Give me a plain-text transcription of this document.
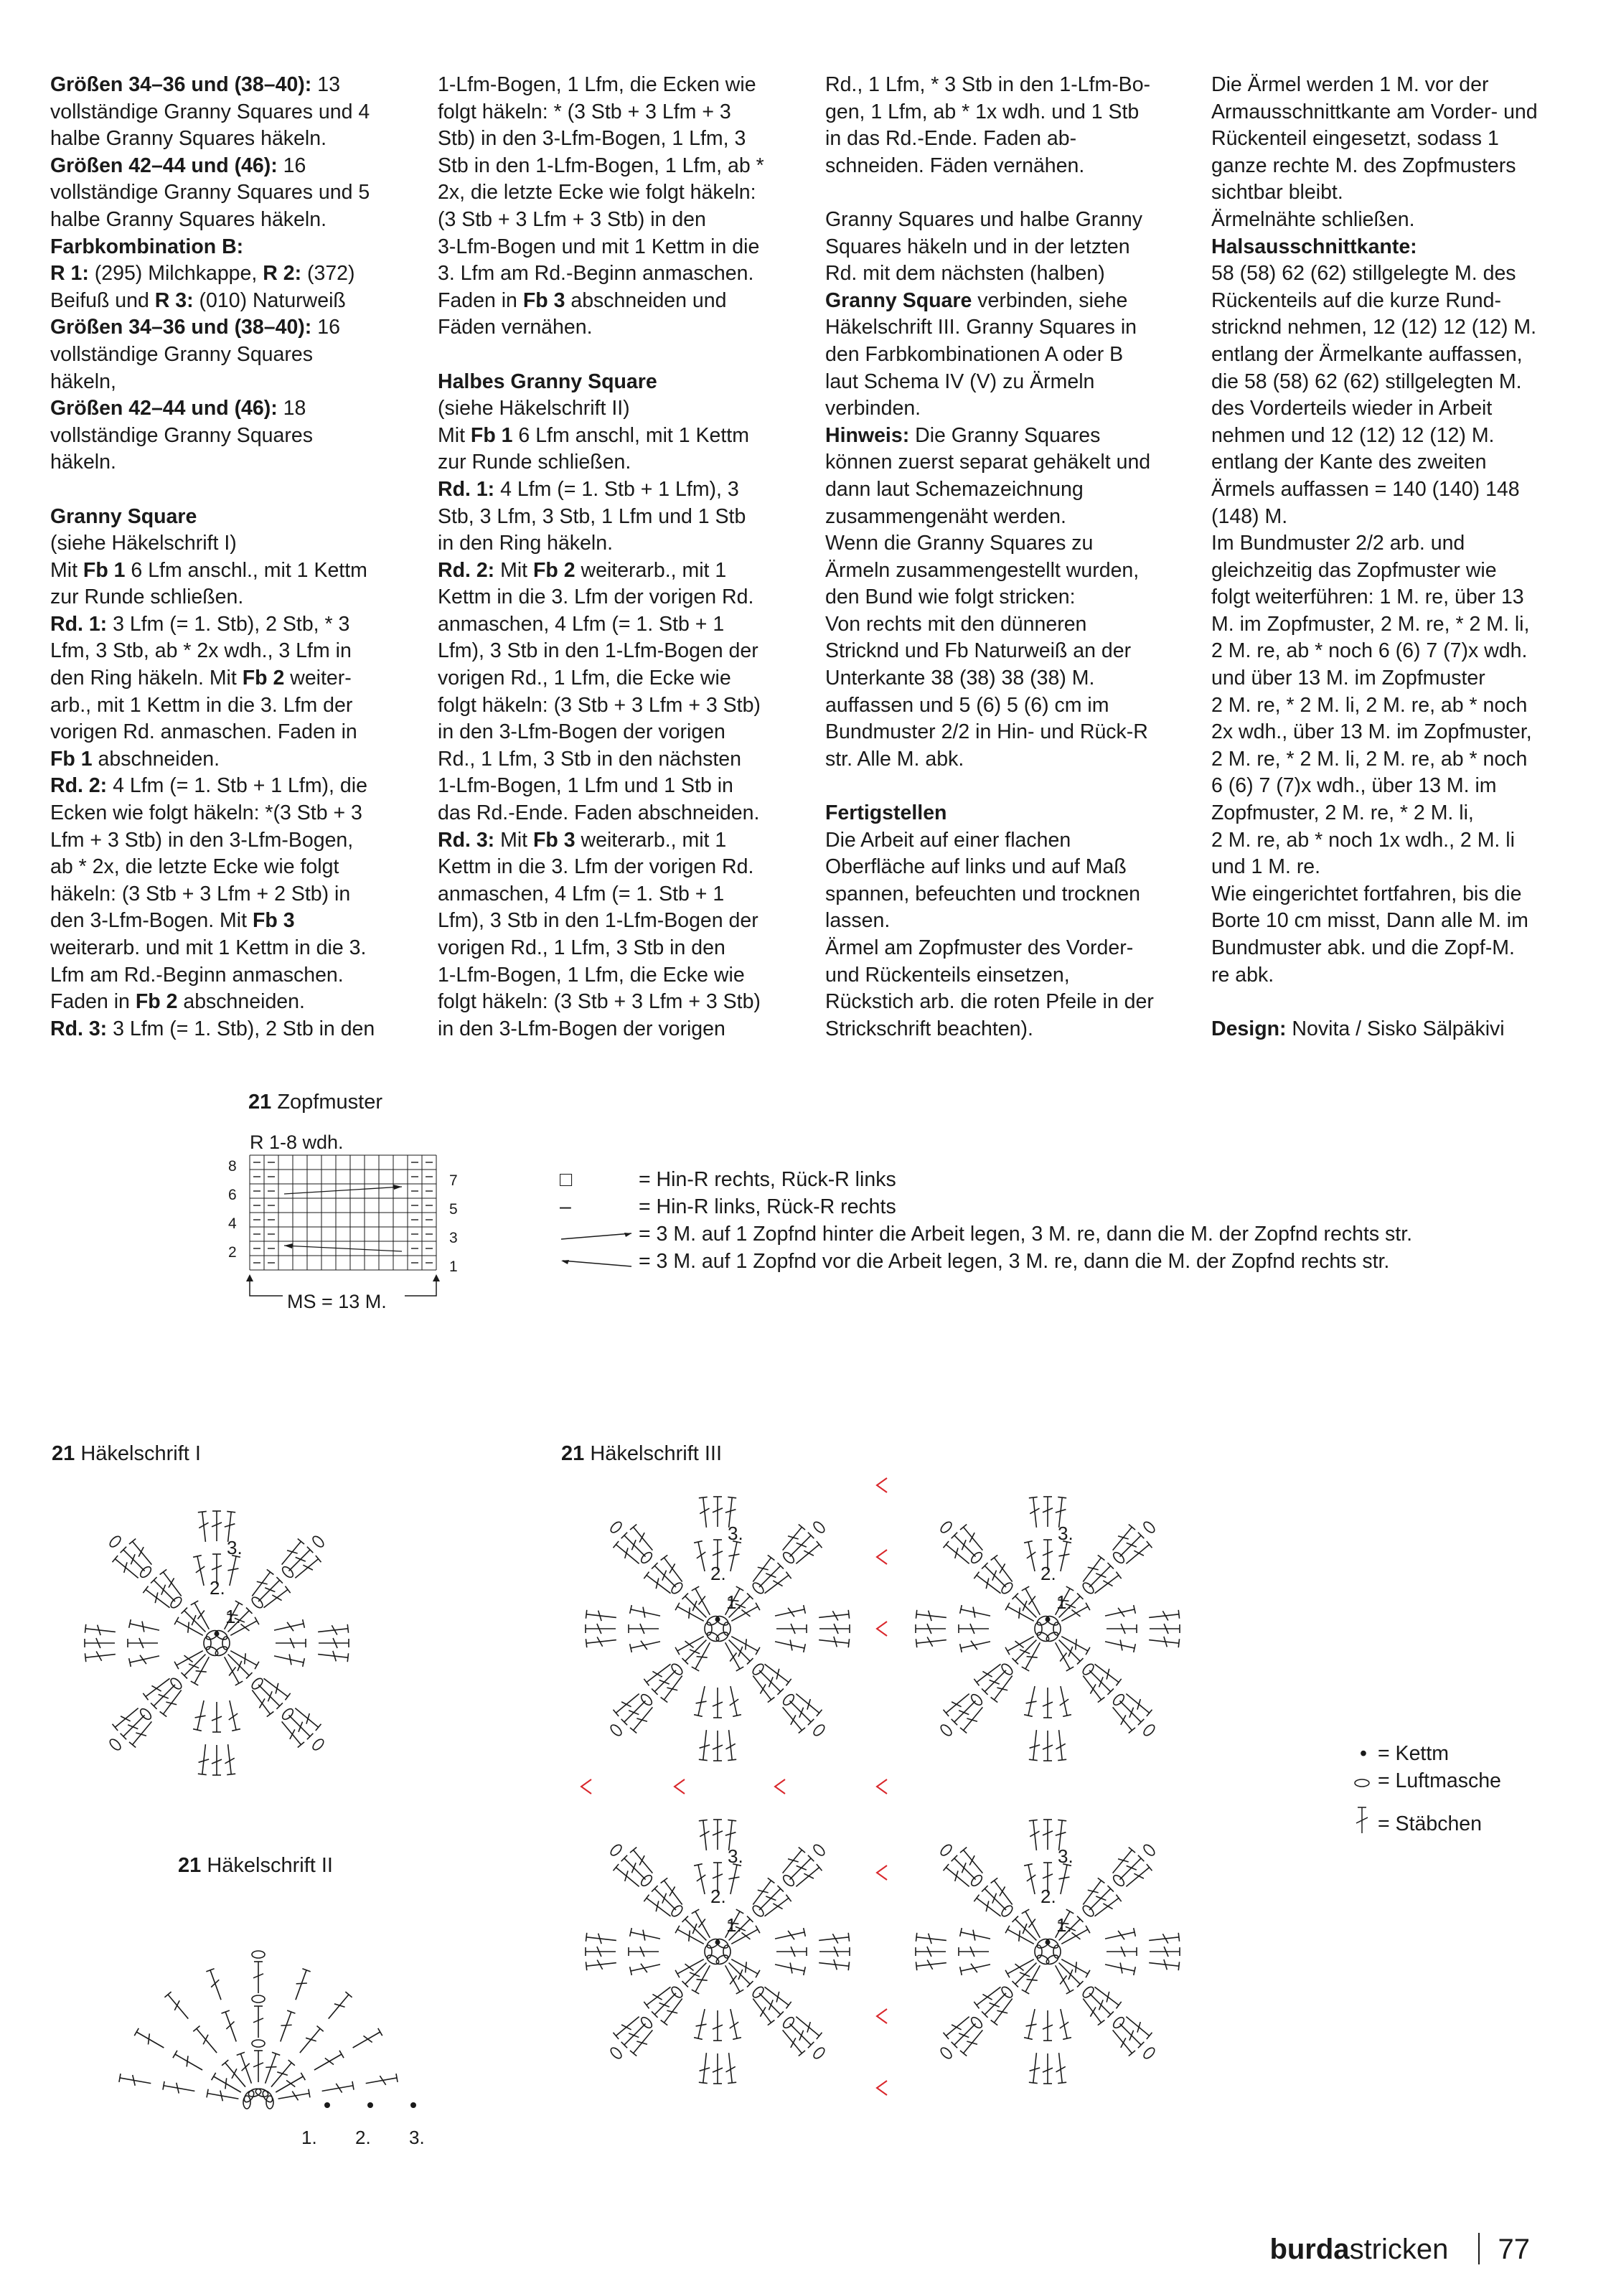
Größen 34–36 und (38–40): 13
vollständige Granny Squares und 4
halbe Granny Squares häkeln.

Größen 42–44 und (46): 16
vollständige Granny Squares und 5
halbe Granny Squares häkeln.

Farbkombination B:

R 1: (295) Milchkappe, R 2: (372)
Beifuß und R 3: (010) Naturweiß

Größen 34–36 und (38–40): 16
vollständige Granny Squares
häkeln,

Größen 42–44 und (46): 18
vollständige Granny Squares
häkeln.

Granny Square

(siehe Häkelschrift I)
Mit Fb 1 6 Lfm anschl., mit 1 Kettm
zur Runde schließen.

Rd. 1: 3 Lfm (= 1. Stb), 2 Stb, * 3
Lfm, 3 Stb, ab * 2x wdh., 3 Lfm in
den Ring häkeln. Mit Fb 2 weiter-
arb., mit 1 Kettm in die 3. Lfm der
vorigen Rd. anmaschen. Faden in
Fb 1 abschneiden.

Rd. 2: 4 Lfm (= 1. Stb + 1 Lfm), die
Ecken wie folgt häkeln: *(3 Stb + 3
Lfm + 3 Stb) in den 3-Lfm-Bogen,
ab * 2x, die letzte Ecke wie folgt
häkeln: (3 Stb + 3 Lfm + 2 Stb) in
den 3-Lfm-Bogen. Mit Fb 3
weiterarb. und mit 1 Kettm in die 3.
Lfm am Rd.-Beginn anmaschen.
Faden in Fb 2 abschneiden.

Rd. 3: 3 Lfm (= 1. Stb), 2 Stb in den

1-Lfm-Bogen, 1 Lfm, die Ecken wie
folgt häkeln: * (3 Stb + 3 Lfm + 3
Stb) in den 3-Lfm-Bogen, 1 Lfm, 3
Stb in den 1-Lfm-Bogen, 1 Lfm, ab *
2x, die letzte Ecke wie folgt häkeln:
(3 Stb + 3 Lfm + 3 Stb) in den
3-Lfm-Bogen und mit 1 Kettm in die
3. Lfm am Rd.-Beginn anmaschen.
Faden in Fb 3 abschneiden und
Fäden vernähen.

Halbes Granny Square

(siehe Häkelschrift II)
Mit Fb 1 6 Lfm anschl, mit 1 Kettm
zur Runde schließen.

Rd. 1: 4 Lfm (= 1. Stb + 1 Lfm), 3
Stb, 3 Lfm, 3 Stb, 1 Lfm und 1 Stb
in den Ring häkeln.

Rd. 2: Mit Fb 2 weiterarb., mit 1
Kettm in die 3. Lfm der vorigen Rd.
anmaschen, 4 Lfm (= 1. Stb + 1
Lfm), 3 Stb in den 1-Lfm-Bogen der
vorigen Rd., 1 Lfm, die Ecke wie
folgt häkeln: (3 Stb + 3 Lfm + 3 Stb)
in den 3-Lfm-Bogen der vorigen
Rd., 1 Lfm, 3 Stb in den nächsten
1-Lfm-Bogen, 1 Lfm und 1 Stb in
das Rd.-Ende. Faden abschneiden.

Rd. 3: Mit Fb 3 weiterarb., mit 1
Kettm in die 3. Lfm der vorigen Rd.
anmaschen, 4 Lfm (= 1. Stb + 1
Lfm), 3 Stb in den 1-Lfm-Bogen der
vorigen Rd., 1 Lfm, 3 Stb in den
1-Lfm-Bogen, 1 Lfm, die Ecke wie
folgt häkeln: (3 Stb + 3 Lfm + 3 Stb)
in den 3-Lfm-Bogen der vorigen

Rd., 1 Lfm, * 3 Stb in den 1-Lfm-Bo-
gen, 1 Lfm, ab * 1x wdh. und 1 Stb
in das Rd.-Ende. Faden ab-
schneiden. Fäden vernähen.

Granny Squares und halbe Granny
Squares häkeln und in der letzten
Rd. mit dem nächsten (halben)
Granny Square verbinden, siehe
Häkelschrift III. Granny Squares in
den Farbkombinationen A oder B
laut Schema IV (V) zu Ärmeln
verbinden.

Hinweis: Die Granny Squares
können zuerst separat gehäkelt und
dann laut Schemazeichnung
zusammengenäht werden.
Wenn die Granny Squares zu
Ärmeln zusammengestellt wurden,
den Bund wie folgt stricken:
Von rechts mit den dünneren
Stricknd und Fb Naturweiß an der
Unterkante 38 (38) 38 (38) M.
auffassen und 5 (6) 5 (6) cm im
Bundmuster 2/2 in Hin- und Rück-R
str. Alle M. abk.

Fertigstellen

Die Arbeit auf einer flachen
Oberfläche auf links und auf Maß
spannen, befeuchten und trocknen
lassen.
Ärmel am Zopfmuster des Vorder-
und Rückenteils einsetzen,
Rückstich arb. die roten Pfeile in der
Strickschrift beachten).

Die Ärmel werden 1 M. vor der
Armausschnittkante am Vorder- und
Rückenteil eingesetzt, sodass 1
ganze rechte M. des Zopfmusters
sichtbar bleibt.
Ärmelnähte schließen.

Halsausschnittkante:

58 (58) 62 (62) stillgelegte M. des
Rückenteils auf die kurze Rund-
stricknd nehmen, 12 (12) 12 (12) M.
entlang der Ärmelkante auffassen,
die 58 (58) 62 (62) stillgelegten M.
des Vorderteils wieder in Arbeit
nehmen und 12 (12) 12 (12) M.
entlang der Kante des zweiten
Ärmels auffassen = 140 (140) 148
(148) M.
Im Bundmuster 2/2 arb. und
gleichzeitig das Zopfmuster wie
folgt weiterführen: 1 M. re, über 13
M. im Zopfmuster, 2 M. re, * 2 M. li,
2 M. re, ab * noch 6 (6) 7 (7)x wdh.
und über 13 M. im Zopfmuster
2 M. re, * 2 M. li, 2 M. re, ab * noch
2x wdh., über 13 M. im Zopfmuster,
2 M. re, * 2 M. li, 2 M. re, ab * noch
6 (6) 7 (7)x wdh., über 13 M. im
Zopfmuster, 2 M. re, * 2 M. li,
2 M. re, ab * noch 1x wdh., 2 M. li
und 1 M. re.
Wie eingerichtet fortfahren, bis die
Borte 10 cm misst, Dann alle M. im
Bundmuster abk. und die Zopf-M.
re abk.

Design: Novita / Sisko Sälpäkivi

21 Zopfmuster
R 1-8 wdh.
8
6
4
2
7
5
3
1
MS = 13 M.
□	= Hin-R rechts, Rück-R links
–	= Hin-R links, Rück-R rechts
= 3 M. auf 1 Zopfnd hinter die Arbeit legen, 3 M. re, dann die M. der Zopfnd rechts str.
= 3 M. auf 1 Zopfnd vor die Arbeit legen, 3 M. re, dann die M. der Zopfnd rechts str.
21 Häkelschrift I
1.
2.
3.
21 Häkelschrift II
1. 2. 3.
21 Häkelschrift III
1.
2.
3.
1.
2.
3.
1.
2.
3.
1.
2.
3.
• = Kettm
= Luftmasche
= Stäbchen
burdastricken 77
